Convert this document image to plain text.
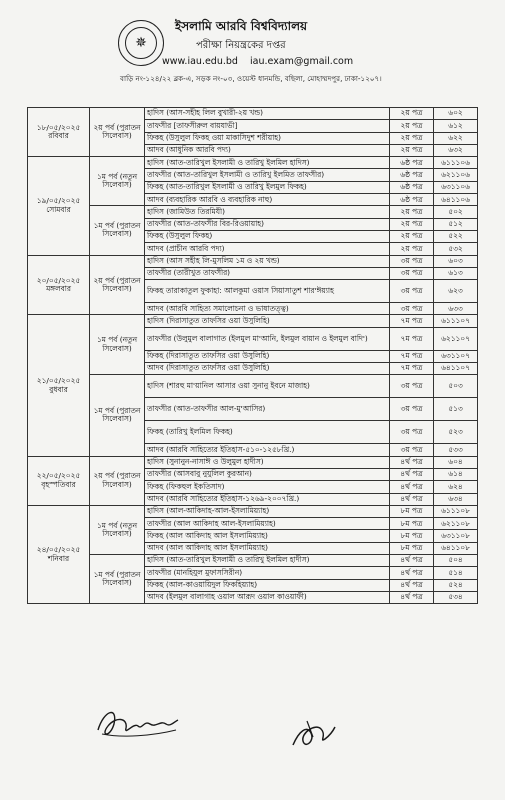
✵
ইসলামি আরবি বিশ্ববিদ্যালয়
পরীক্ষা নিয়ন্ত্রকের দপ্তর
www.iau.edu.bd iau.exam@gmail.com
বাড়ি নং-১২৪/২২ ব্লক-এ, সড়ক নং-০৩, ওয়েস্ট ধানমন্ডি, বছিলা, মোহাম্মদপুর, ঢাকা-১২০৭।
১৮/০৫/২০২৫
রবিবার	২য় পর্ব (পুরাতন সিলেবাস)	হাদিস (আস-সহীহ লিল বুখারী-২য় খন্ড)	২য় পত্র	৬০২
		তাফসীর [তাফসীরুল বায়যাভী]	২য় পত্র	৬১২
		ফিকহ (উসুলুল ফিকহ ওয়া মাকাসিদুশ শরীয়াহ)	২য় পত্র	৬২২
		আদব (আধুনিক আরবি পদ্য)	২য় পত্র	৬৩২

১৯/০৫/২০২৫
সোমবার	১ম পর্ব (নতুন সিলেবাস)	হাদিস (আত-তারিখুল ইসলামী ও তারিখু ইলমিল হাদিস)	৬ষ্ঠ পত্র	৬১১১০৬
		তাফসীর (আত-তারিখুল ইসলামী ও তারিখু ইলমিত তাফসীর)	৬ষ্ঠ পত্র	৬২১১০৬
		ফিকহ (আত-তারিখুল ইসলামী ও তারিখু ইলমুল ফিকহ)	৬ষ্ঠ পত্র	৬৩১১০৬
		আদব (ব্যবহারিক আরবি ও ব্যবহারিক নাহু)	৬ষ্ঠ পত্র	৬৪১১০৬
	১ম পর্ব (পুরাতন সিলেবাস)	হাদিস (জামিউত তিরমিযী)	২য় পত্র	৫০২
		তাফসীর (আত-তাফসীর বির-রিওয়ায়াহ)	২য় পত্র	৫১২
		ফিকহ (উসুলুল ফিকহ)	২য় পত্র	৫২২
		আদব (প্রাচীন আরবি পদ্য)	২য় পত্র	৫৩২

২০/০৫/২০২৫
মঙ্গলবার	২য় পর্ব (পুরাতন সিলেবাস)	হাদিস (আস সহীহ লি-মুসলিম ১ম ও ২য় খন্ড)	৩য় পত্র	৬০৩
		তাফসীর (তারীখুত তাফসীর)	৩য় পত্র	৬১৩
		ফিকহ তারাকাতুল ফুকাহা: আলকুমা ওয়াস সিয়াসাতুশ শার'ঈয়্যাহ	৩য় পত্র	৬২৩
		আদব (আরবি সাহিত্য সমালোচনা ও ভাষাতত্ত্ব)	৩য় পত্র	৬৩৩

২১/০৫/২০২৫
বুধবার	১ম পর্ব (নতুন সিলেবাস)	হাদিস (দিরাসাতুত তাফসির ওয়া উসুলিহি)	৭ম পত্র	৬১১১০৭
		তাফসীর (উলুমুল বালাগাত (ইলমুল মা'আনি, ইলমুল বায়ান ও ইলমুল বাদি')	৭ম পত্র	৬২১১০৭
		ফিকহ (দিরাসাতুত তাফসির ওয়া উসুলিহি)	৭ম পত্র	৬৩১১০৭
		আদব (দিরাসাতুত তাফসির ওয়া উসুলিহি)	৭ম পত্র	৬৪১১০৭
	১ম পর্ব (পুরাতন সিলেবাস)	হাদিস (শারহু মা'য়ানিল আসার ওয়া সুনানু ইবনে মাজাহ)	৩য় পত্র	৫০৩
		তাফসীর (আত-তাফসীর আল-মু'আসির)	৩য় পত্র	৫১৩
		ফিকহ (তারিখু ইলমিল ফিকহ)	৩য় পত্র	৫২৩
		আদব (আরবি সাহিত্যের ইতিহাস-৫১০-১২৫৮খ্রি.)	৩য় পত্র	৫৩৩

২২/০৫/২০২৫
বৃহস্পতিবার	২য় পর্ব (পুরাতন সিলেবাস)	হাদিস (সুনানুন-নাসাঈ ও উলুমুল হাদীস)	৪র্থ পত্র	৬০৪
		তাফসীর (আসবাবু নুযুলিল কুরআন)	৪র্থ পত্র	৬১৪
		ফিকহ (ফিকহুল ইকতিসাদ)	৪র্থ পত্র	৬২৪
		আদব (আরবি সাহিত্যের ইতিহাস-১২৬৯-২০০৭খ্রি.)	৪র্থ পত্র	৬৩৪

২৪/০৫/২০২৫
শনিবার	১ম পর্ব (নতুন সিলেবাস)	হাদিস (আল-আকিদাহ-আল-ইসলামিয়্যাহ)	৮ম পত্র	৬১১১০৮
		তাফসীর (আল আকিদাহ আল-ইসলামিয়্যাহ)	৮ম পত্র	৬২১১০৮
		ফিকহ (আল আকিদাহ আল ইসলামিয়্যাহ)	৮ম পত্র	৬৩১১০৮
		আদব (আল আকিদাহ আল ইসলামিয়্যাহ)	৮ম পত্র	৬৪১১০৮
	১ম পর্ব (পুরাতন সিলেবাস)	হাদিস (আত-তারিখুল ইসলামী ও তারিখু ইলমিল হাদীস)	৪র্থ পত্র	৫০৪
		তাফসীর (মানহিযুল মুফাসসিরীন)	৪র্থ পত্র	৫১৪
		ফিকহ (আল-কাওয়ায়িদুল ফিকহিয়্যাহ)	৪র্থ পত্র	৫২৪
		আদব (ইলমুল বালাগাহ ওয়াল আরূদ ওয়াল কাওয়াফী)	৪র্থ পত্র	৫৩৪
